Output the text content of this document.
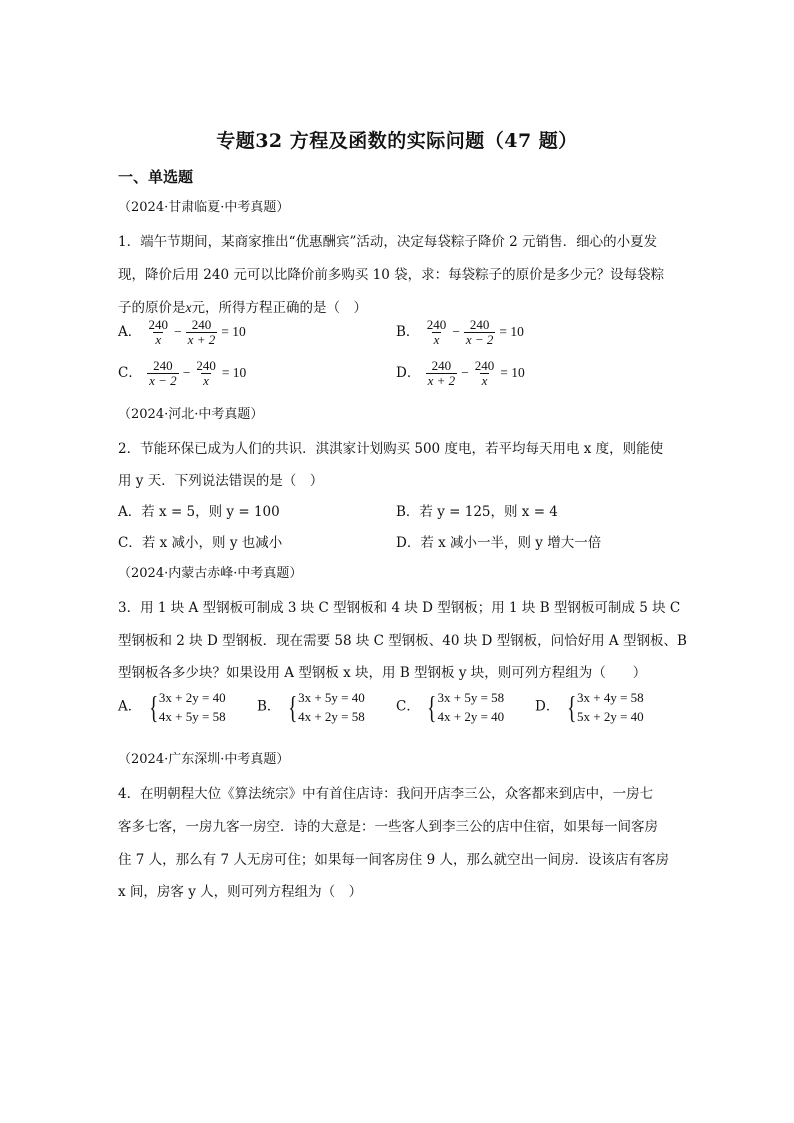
专题32 方程及函数的实际问题（47 题）
一、单选题
（2024·甘肃临夏·中考真题）
1．端午节期间，某商家推出“优惠酬宾”活动，决定每袋粽子降价 2 元销售．细心的小夏发
现，降价后用 240 元可以比降价前多购买 10 袋，求：每袋粽子的原价是多少元？设每袋粽
子的原价是x元，所得方程正确的是（　）
A． $\frac{240}{x} - \frac{240}{x + 2} = 10$	B． $\frac{240}{x} - \frac{240}{x - 2} = 10$
C． $\frac{240}{x - 2} - \frac{240}{x} = 10$	D． $\frac{240}{x + 2} - \frac{240}{x} = 10$
（2024·河北·中考真题）
2．节能环保已成为人们的共识．淇淇家计划购买 500 度电，若平均每天用电 x 度，则能使
用 y 天．下列说法错误的是（　）
A．若 x = 5，则 y = 100	B．若 y = 125，则 x = 4
C．若 x 减小，则 y 也减小	D．若 x 减小一半，则 y 增大一倍
（2024·内蒙古赤峰·中考真题）
3．用 1 块 A 型钢板可制成 3 块 C 型钢板和 4 块 D 型钢板；用 1 块 B 型钢板可制成 5 块 C
型钢板和 2 块 D 型钢板．现在需要 58 块 C 型钢板、40 块 D 型钢板，问恰好用 A 型钢板、B
型钢板各多少块？如果设用 A 型钢板 x 块，用 B 型钢板 y 块，则可列方程组为（　　）
A． { 3x + 2y = 40
4x + 5y = 58
B． { 3x + 5y = 40
4x + 2y = 58
C． { 3x + 5y = 58
4x + 2y = 40
D． { 3x + 4y = 58
5x + 2y = 40
（2024·广东深圳·中考真题）
4．在明朝程大位《算法统宗》中有首住店诗：我问开店李三公，众客都来到店中，一房七
客多七客，一房九客一房空．诗的大意是：一些客人到李三公的店中住宿，如果每一间客房
住 7 人，那么有 7 人无房可住；如果每一间客房住 9 人，那么就空出一间房．设该店有客房
x 间，房客 y 人，则可列方程组为（　）
